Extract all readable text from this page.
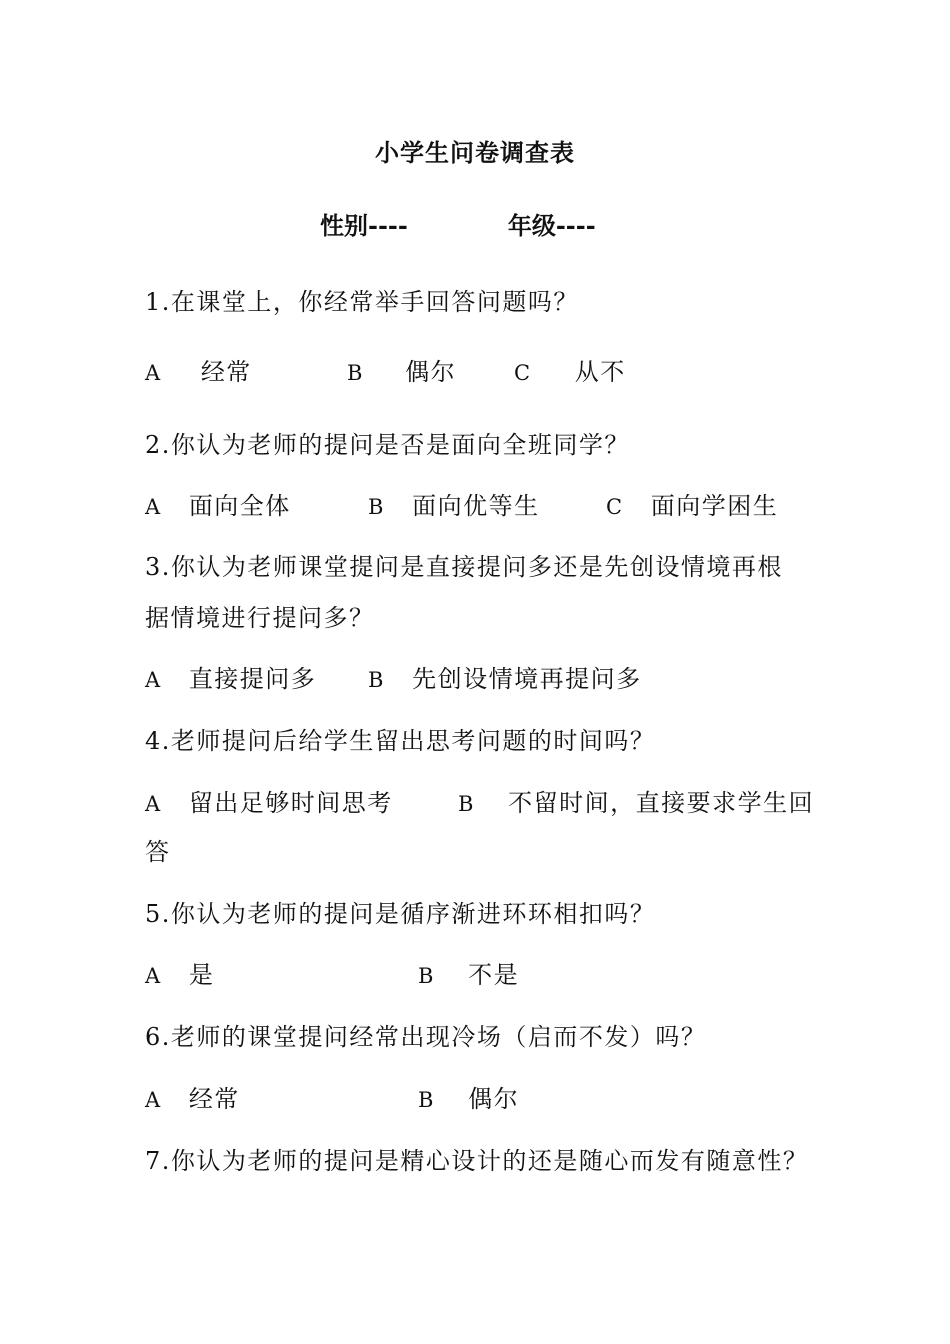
小学生问卷调查表
性别----	年级----
1.在课堂上，你经常举手回答问题吗？
A 经常	B 偶尔	C 从不
2.你认为老师的提问是否是面向全班同学？
A 面向全体	B 面向优等生	C 面向学困生
3.你认为老师课堂提问是直接提问多还是先创设情境再根
据情境进行提问多？
A 直接提问多 B 先创设情境再提问多
4.老师提问后给学生留出思考问题的时间吗？
A 留出足够时间思考	B 不留时间，直接要求学生回
答
5.你认为老师的提问是循序渐进环环相扣吗？
A 是	B 不是
6.老师的课堂提问经常出现冷场（启而不发）吗？
A 经常	B 偶尔
7.你认为老师的提问是精心设计的还是随心而发有随意性？
